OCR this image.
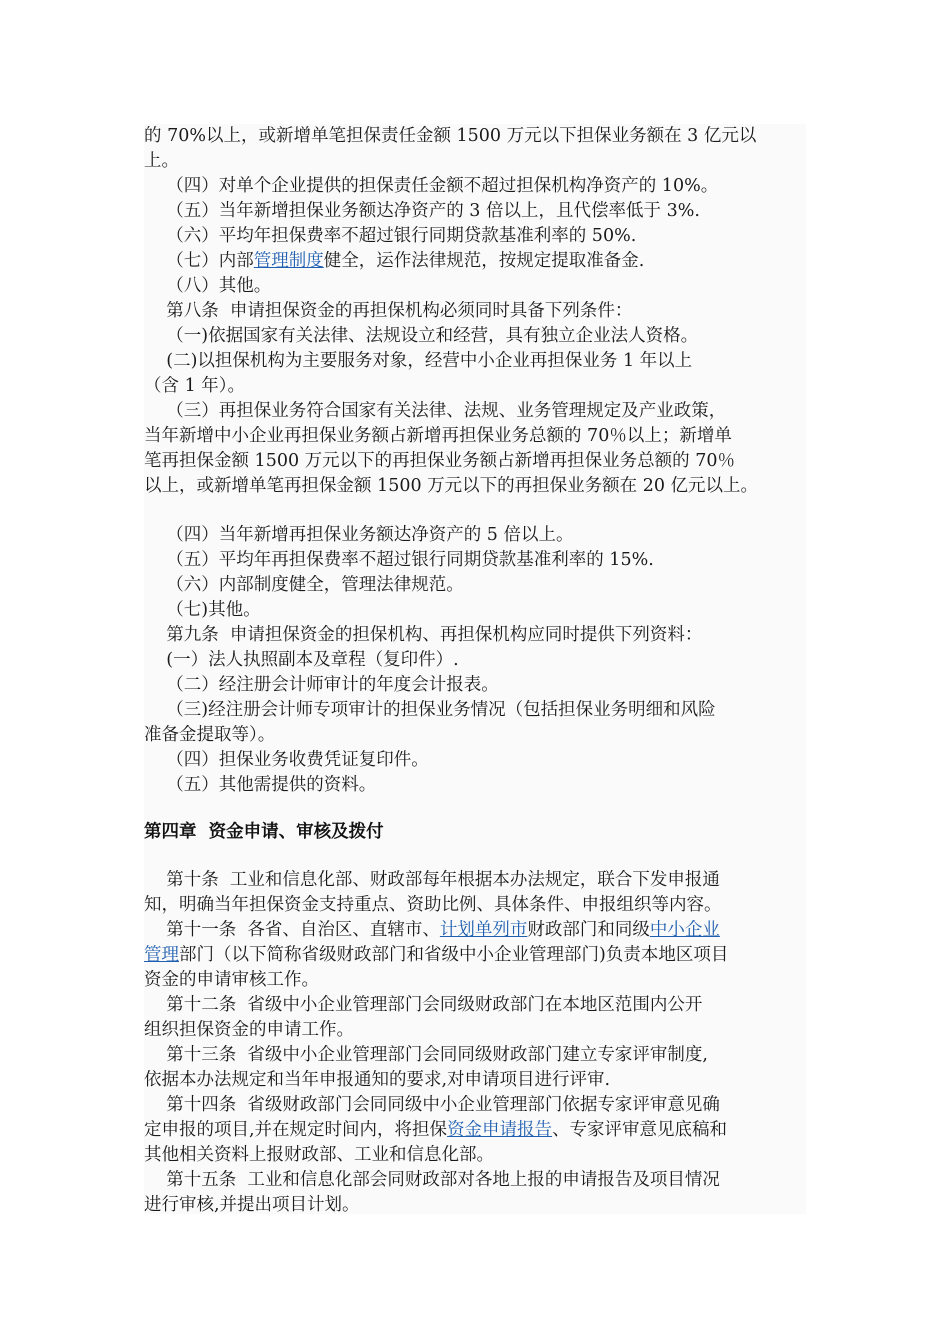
的 70%以上，或新增单笔担保责任金额 1500 万元以下担保业务额在 3 亿元以
上。
（四）对单个企业提供的担保责任金额不超过担保机构净资产的 10%。
（五）当年新增担保业务额达净资产的 3 倍以上，且代偿率低于 3%.
（六）平均年担保费率不超过银行同期贷款基准利率的 50%.
（七）内部管理制度健全，运作法律规范，按规定提取准备金.
（八）其他。
第八条  申请担保资金的再担保机构必须同时具备下列条件：
（一)依据国家有关法律、法规设立和经营，具有独立企业法人资格。
(二)以担保机构为主要服务对象，经营中小企业再担保业务 1 年以上
（含 1 年）。
（三）再担保业务符合国家有关法律、法规、业务管理规定及产业政策，
当年新增中小企业再担保业务额占新增再担保业务总额的 70％以上；新增单
笔再担保金额 1500 万元以下的再担保业务额占新增再担保业务总额的 70％
以上，或新增单笔再担保金额 1500 万元以下的再担保业务额在 20 亿元以上。
（四）当年新增再担保业务额达净资产的 5 倍以上。
（五）平均年再担保费率不超过银行同期贷款基准利率的 15%.
（六）内部制度健全，管理法律规范。
（七)其他。
第九条  申请担保资金的担保机构、再担保机构应同时提供下列资料：
(一）法人执照副本及章程（复印件）.
（二）经注册会计师审计的年度会计报表。
（三)经注册会计师专项审计的担保业务情况（包括担保业务明细和风险
准备金提取等）。
（四）担保业务收费凭证复印件。
（五）其他需提供的资料。
第四章  资金申请、审核及拨付
第十条  工业和信息化部、财政部每年根据本办法规定，联合下发申报通
知，明确当年担保资金支持重点、资助比例、具体条件、申报组织等内容。
第十一条  各省、自治区、直辖市、计划单列市财政部门和同级中小企业
管理部门（以下简称省级财政部门和省级中小企业管理部门)负责本地区项目
资金的申请审核工作。
第十二条  省级中小企业管理部门会同级财政部门在本地区范围内公开
组织担保资金的申请工作。
第十三条  省级中小企业管理部门会同同级财政部门建立专家评审制度,
依据本办法规定和当年申报通知的要求,对申请项目进行评审.
第十四条  省级财政部门会同同级中小企业管理部门依据专家评审意见确
定申报的项目,并在规定时间内，将担保资金申请报告、专家评审意见底稿和
其他相关资料上报财政部、工业和信息化部。
第十五条  工业和信息化部会同财政部对各地上报的申请报告及项目情况
进行审核,并提出项目计划。
